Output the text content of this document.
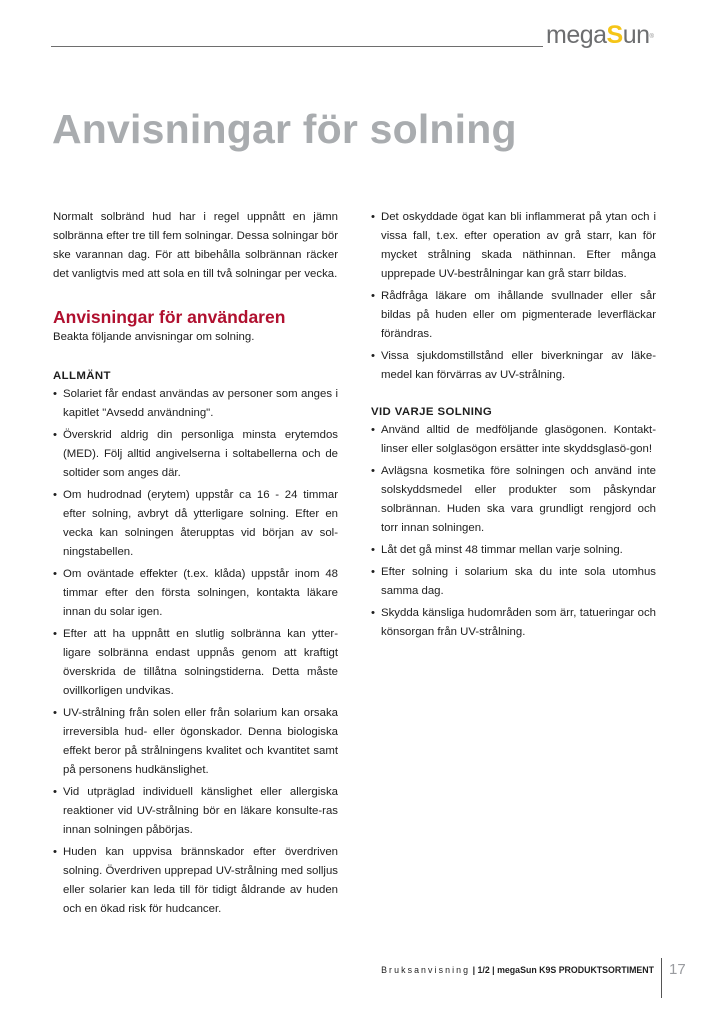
megaSun®
Anvisningar för solning

Normalt solbränd hud har i regel uppnått en jämn solbränna efter tre till fem solningar. Dessa solningar bör ske varannan dag. För att bibehålla solbrännan räcker det vanligtvis med att sola en till två solningar per vecka.

Anvisningar för användaren

Beakta följande anvisningar om solning.

ALLMÄNT
• Solariet får endast användas av personer som anges i kapitlet "Avsedd användning".
• Överskrid aldrig din personliga minsta erytemdos (MED). Följ alltid angivelserna i soltabellerna och de soltider som anges där.
• Om hudrodnad (erytem) uppstår ca 16 - 24 timmar efter solning, avbryt då ytterligare solning. Efter en vecka kan solningen återupptas vid början av sol-ningstabellen.
• Om oväntade effekter (t.ex. klåda) uppstår inom 48 timmar efter den första solningen, kontakta läkare innan du solar igen.
• Efter att ha uppnått en slutlig solbränna kan ytter-ligare solbränna endast uppnås genom att kraftigt överskrida de tillåtna solningstiderna. Detta måste ovillkorligen undvikas.
• UV-strålning från solen eller från solarium kan orsaka irreversibla hud- eller ögonskador. Denna biologiska effekt beror på strålningens kvalitet och kvantitet samt på personens hudkänslighet.
• Vid utpräglad individuell känslighet eller allergiska reaktioner vid UV-strålning bör en läkare konsulte-ras innan solningen påbörjas.
• Huden kan uppvisa brännskador efter överdriven solning. Överdriven upprepad UV-strålning med solljus eller solarier kan leda till för tidigt åldrande av huden och en ökad risk för hudcancer.
• Det oskyddade ögat kan bli inflammerat på ytan och i vissa fall, t.ex. efter operation av grå starr, kan för mycket strålning skada näthinnan. Efter många upprepade UV-bestrålningar kan grå starr bildas.
• Rådfråga läkare om ihållande svullnader eller sår bildas på huden eller om pigmenterade leverfläckar förändras.
• Vissa sjukdomstillstånd eller biverkningar av läke-medel kan förvärras av UV-strålning.
VID VARJE SOLNING
• Använd alltid de medföljande glasögonen. Kontakt-linser eller solglasögon ersätter inte skyddsglasö-gon!
• Avlägsna kosmetika före solningen och använd inte solskyddsmedel eller produkter som påskyndar solbrännan. Huden ska vara grundligt rengjord och torr innan solningen.
• Låt det gå minst 48 timmar mellan varje solning.
• Efter solning i solarium ska du inte sola utomhus samma dag.
• Skydda känsliga hudområden som ärr, tatueringar och könsorgan från UV-strålning.
Bruksanvisning | 1/2 | megaSun K9S PRODUKTSORTIMENT 17
